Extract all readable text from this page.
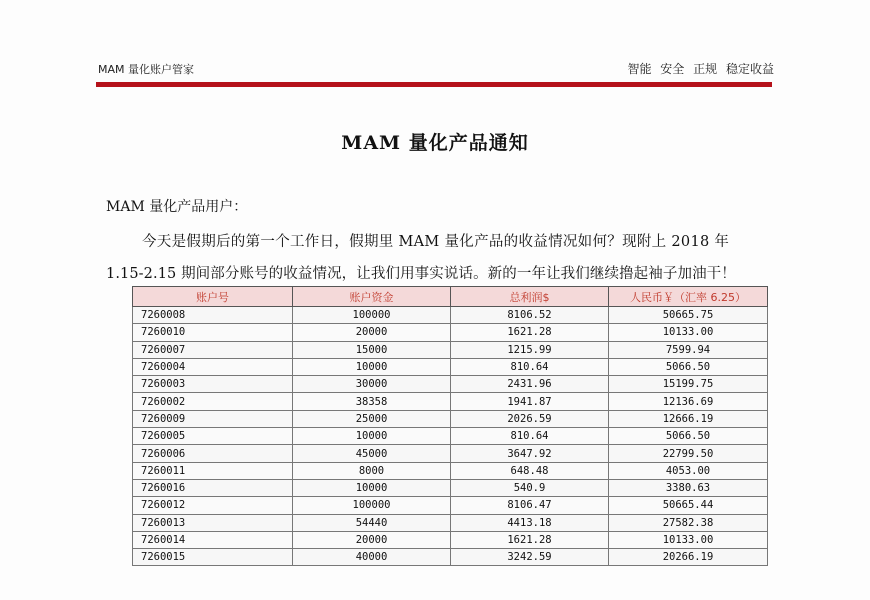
MAM 量化账户管家	智能 安全 正规 稳定收益
MAM 量化产品通知
MAM 量化产品用户：
今天是假期后的第一个工作日，假期里 MAM 量化产品的收益情况如何？现附上 2018 年
1.15-2.15 期间部分账号的收益情况，让我们用事实说话。新的一年让我们继续撸起袖子加油干！
账户号	账户资金	总利润$	人民币￥（汇率 6.25）
7260008	100000	8106.52	50665.75
7260010	20000	1621.28	10133.00
7260007	15000	1215.99	7599.94
7260004	10000	810.64	5066.50
7260003	30000	2431.96	15199.75
7260002	38358	1941.87	12136.69
7260009	25000	2026.59	12666.19
7260005	10000	810.64	5066.50
7260006	45000	3647.92	22799.50
7260011	8000	648.48	4053.00
7260016	10000	540.9	3380.63
7260012	100000	8106.47	50665.44
7260013	54440	4413.18	27582.38
7260014	20000	1621.28	10133.00
7260015	40000	3242.59	20266.19
